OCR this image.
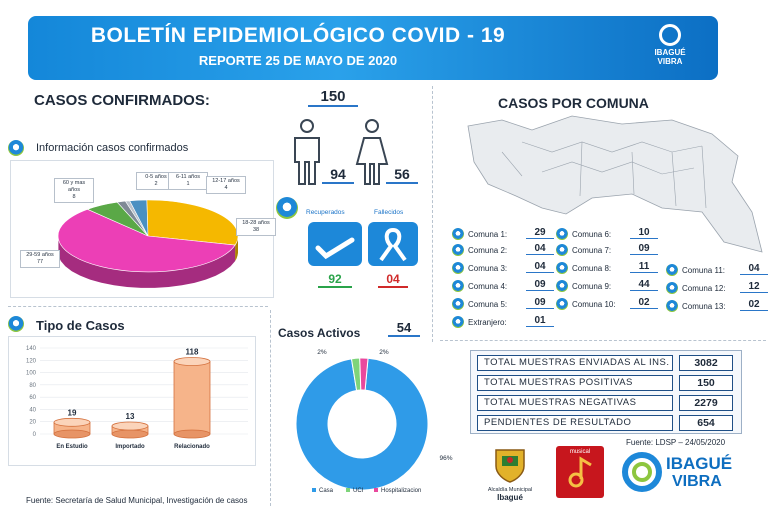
BOLETÍN EPIDEMIOLÓGICO COVID - 19
REPORTE 25 DE MAYO DE 2020
IBAGUÉ VIBRA
CASOS CONFIRMADOS:	150
94	56
Información casos confirmados
0-5 años
2
6-11 años
1	12-17 años
4
18-28 años
38
29-59 años
77
60 y mas años
8
Recuperados	Fallecidos
92	04
CASOS POR COMUNA
TOTAL MUESTRAS ENVIADAS AL INS.	3082
TOTAL MUESTRAS POSITIVAS	150
TOTAL MUESTRAS NEGATIVAS	2279
PENDIENTES DE RESULTADO	654
Fuente: LDSP – 24/05/2020
Tipo de Casos
0
20
40
60
80
100
120
140
19
En Estudio
13
Importado
118
Relacionado
Casos Activos	54
96%
2%	2%
Casa	UCI	Hospitalizacion
Fuente: Secretaría de Salud Municipal, Investigación de casos
Alcaldía Municipal
Ibagué
musical
IBAGUÉ
VIBRA
Comuna 1:	29
Comuna 2:	04
Comuna 3:	04
Comuna 4:	09
Comuna 5:	09
Comuna 6:	10
Comuna 7:	09
Comuna 8:	11
Comuna 9:	44
Comuna 10:	02
Comuna 11:	04
Comuna 12:	12
Comuna 13:	02
Extranjero:	01
